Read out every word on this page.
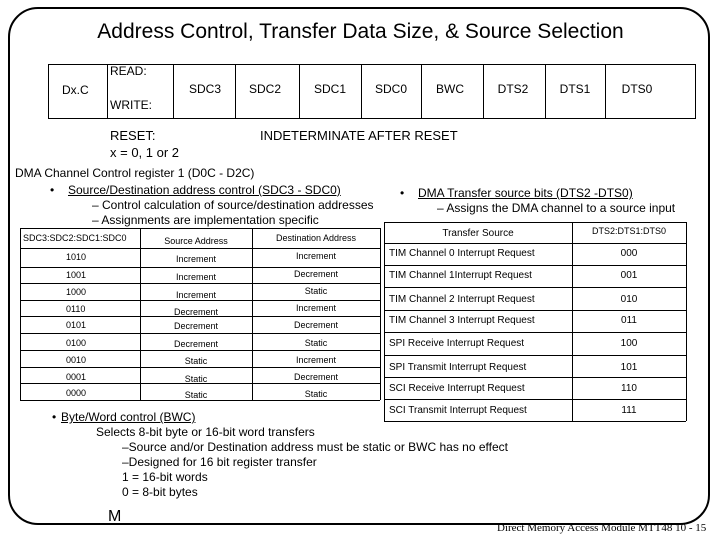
Address Control, Transfer Data Size, & Source Selection
READ:
WRITE:
Dx.C	SDC3	SDC2	SDC1	SDC0	BWC	DTS2	DTS1	DTS0
RESET:
x = 0, 1 or 2
INDETERMINATE AFTER RESET
DMA Channel Control register 1 (D0C - D2C)
• Source/Destination address control (SDC3 - SDC0)
– Control calculation of source/destination addresses
– Assignments are implementation specific
• DMA Transfer source bits (DTS2 -DTS0)
– Assigns the DMA channel to a source input
SDC3:SDC2:SDC1:SDC0	Source Address	Destination Address
1010	Increment	Increment
1001	Increment	Decrement
1000	Increment	Static
0110	Decrement	Increment
0101	Decrement	Decrement
0100	Decrement	Static
0010	Static	Increment
0001	Static	Decrement
0000	Static	Static
Transfer Source	DTS2:DTS1:DTS0
TIM Channel 0 Interrupt Request	000
TIM Channel 1Interrupt Request	001
TIM Channel 2 Interrupt Request	010
TIM Channel 3 Interrupt Request	011
SPI Receive Interrupt Request	100
SPI Transmit Interrupt Request	101
SCI Receive Interrupt Request	110
SCI Transmit Interrupt Request	111
• Byte/Word control (BWC)
Selects 8-bit byte or 16-bit word transfers
–Source and/or Destination address must be static or BWC has no effect
–Designed for 16 bit register transfer
1 = 16-bit words
0 = 8-bit bytes
M
Direct Memory Access Module MTT48 10 - 15
